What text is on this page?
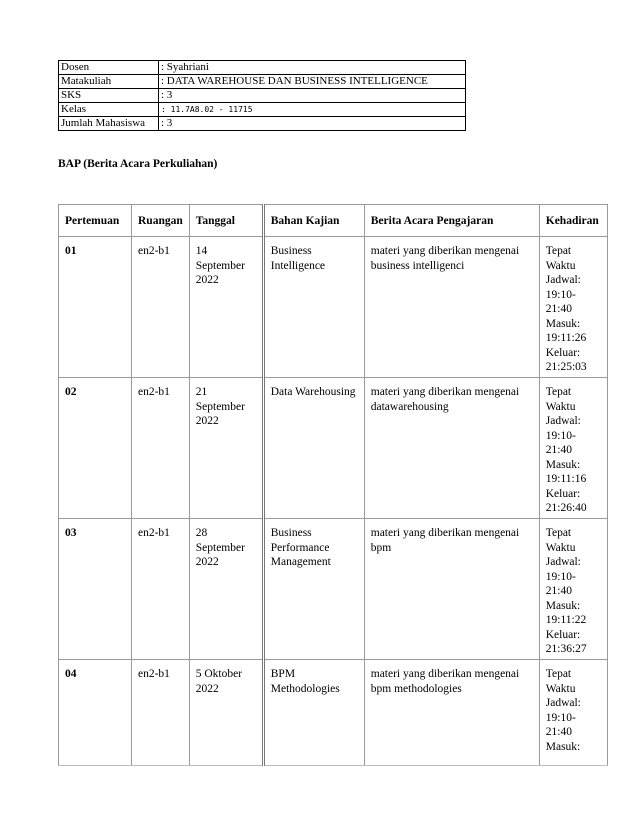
Dosen	: Syahriani
Matakuliah	: DATA WAREHOUSE DAN BUSINESS INTELLIGENCE
SKS	: 3
Kelas	: 11.7A8.02 - 11715
Jumlah Mahasiswa	: 3
BAP (Berita Acara Perkuliahan)
Pertemuan	Ruangan	Tanggal	Bahan Kajian	Berita Acara Pengajaran	Kehadiran
01	en2-b1	14 September 2022	Business Intelligence	materi yang diberikan mengenai business intelligenci	Tepat Waktu Jadwal: 19:10-21:40 Masuk: 19:11:26 Keluar: 21:25:03
02	en2-b1	21 September 2022	Data Warehousing	materi yang diberikan mengenai datawarehousing	Tepat Waktu Jadwal: 19:10-21:40 Masuk: 19:11:16 Keluar: 21:26:40
03	en2-b1	28 September 2022	Business Performance Management	materi yang diberikan mengenai bpm	Tepat Waktu Jadwal: 19:10-21:40 Masuk: 19:11:22 Keluar: 21:36:27
04	en2-b1	5 Oktober 2022	BPM Methodologies	materi yang diberikan mengenai bpm methodologies	Tepat Waktu Jadwal: 19:10-21:40 Masuk:
